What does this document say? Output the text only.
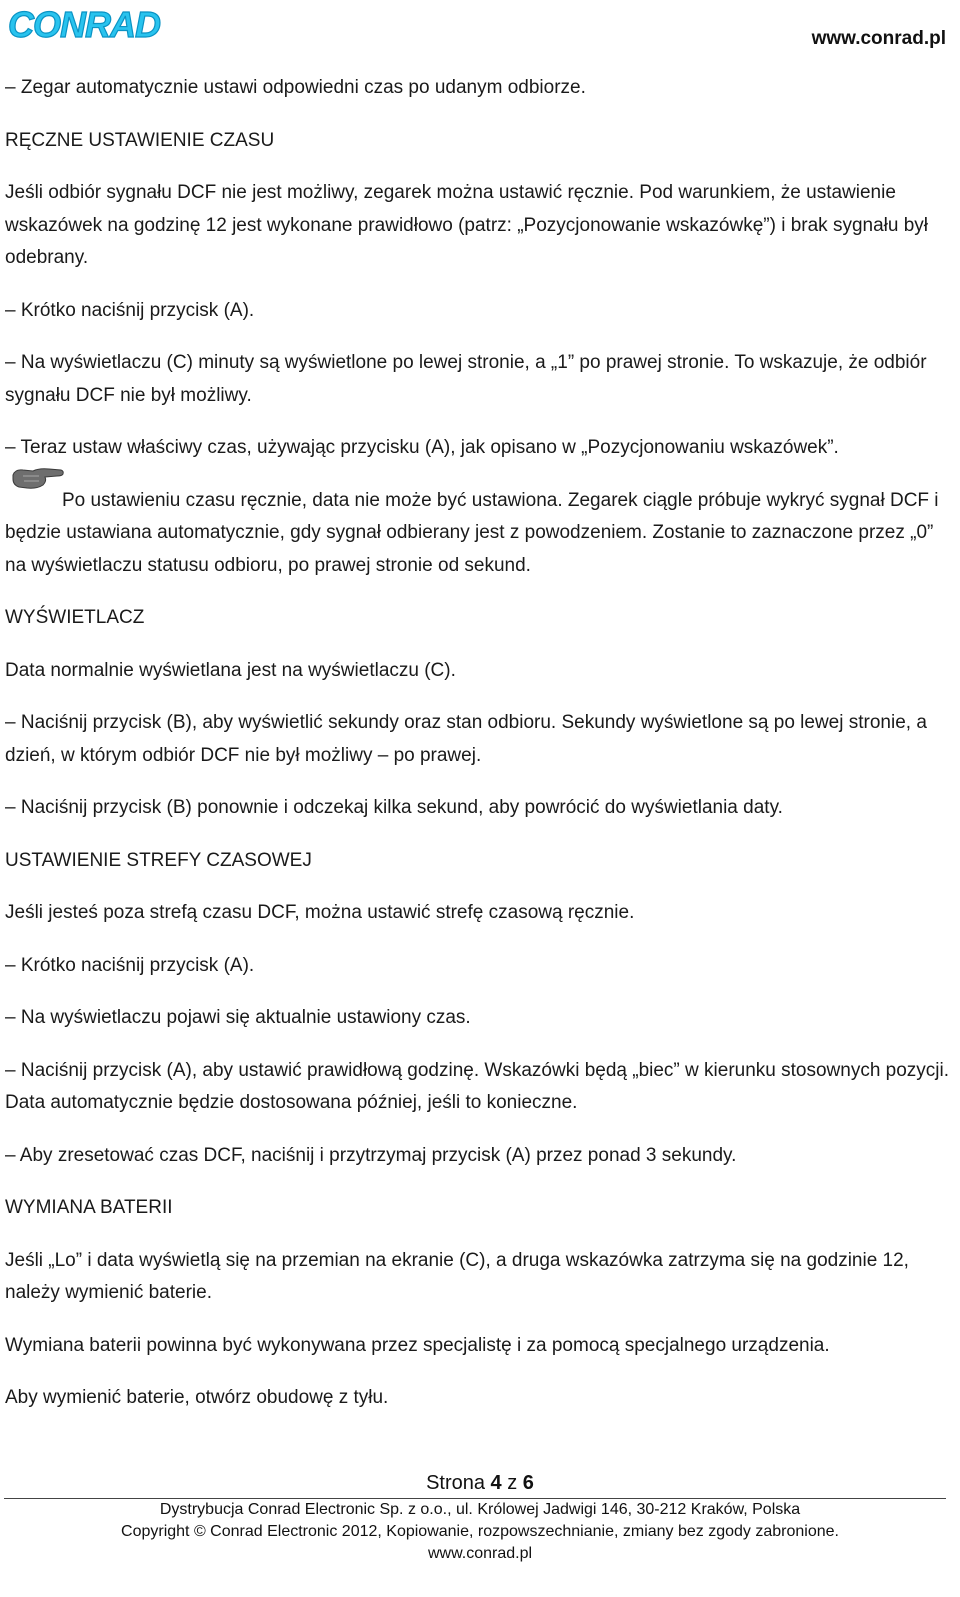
CONRAD	www.conrad.pl

– Zegar automatycznie ustawi odpowiedni czas po udanym odbiorze.

RĘCZNE USTAWIENIE CZASU

Jeśli odbiór sygnału DCF nie jest możliwy, zegarek można ustawić ręcznie. Pod warunkiem, że ustawienie wskazówek na godzinę 12 jest wykonane prawidłowo (patrz: „Pozycjonowanie wskazówkę”) i brak sygnału był odebrany.

– Krótko naciśnij przycisk (A).

– Na wyświetlaczu (C) minuty są wyświetlone po lewej stronie, a „1” po prawej stronie. To wskazuje, że odbiór sygnału DCF nie był możliwy.

– Teraz ustaw właściwy czas, używając przycisku (A), jak opisano w „Pozycjonowaniu wskazówek”.

Po ustawieniu czasu ręcznie, data nie może być ustawiona. Zegarek ciągle próbuje wykryć sygnał DCF i będzie ustawiana automatycznie, gdy sygnał odbierany jest z powodzeniem. Zostanie to zaznaczone przez „0” na wyświetlaczu statusu odbioru, po prawej stronie od sekund.

WYŚWIETLACZ

Data normalnie wyświetlana jest na wyświetlaczu (C).

– Naciśnij przycisk (B), aby wyświetlić sekundy oraz stan odbioru. Sekundy wyświetlone są po lewej stronie, a dzień, w którym odbiór DCF nie był możliwy – po prawej.

– Naciśnij przycisk (B) ponownie i odczekaj kilka sekund, aby powrócić do wyświetlania daty.

USTAWIENIE STREFY CZASOWEJ

Jeśli jesteś poza strefą czasu DCF, można ustawić strefę czasową ręcznie.

– Krótko naciśnij przycisk (A).

– Na wyświetlaczu pojawi się aktualnie ustawiony czas.

– Naciśnij przycisk (A), aby ustawić prawidłową godzinę. Wskazówki będą „biec” w kierunku stosownych pozycji. Data automatycznie będzie dostosowana później, jeśli to konieczne.

– Aby zresetować czas DCF, naciśnij i przytrzymaj przycisk (A) przez ponad 3 sekundy.

WYMIANA BATERII

Jeśli „Lo” i data wyświetlą się na przemian na ekranie (C), a druga wskazówka zatrzyma się na godzinie 12, należy wymienić baterie.

Wymiana baterii powinna być wykonywana przez specjalistę i za pomocą specjalnego urządzenia.

Aby wymienić baterie, otwórz obudowę z tyłu.

Strona 4 z 6
Dystrybucja Conrad Electronic Sp. z o.o., ul. Królowej Jadwigi 146, 30-212 Kraków, Polska
Copyright © Conrad Electronic 2012, Kopiowanie, rozpowszechnianie, zmiany bez zgody zabronione.
www.conrad.pl
